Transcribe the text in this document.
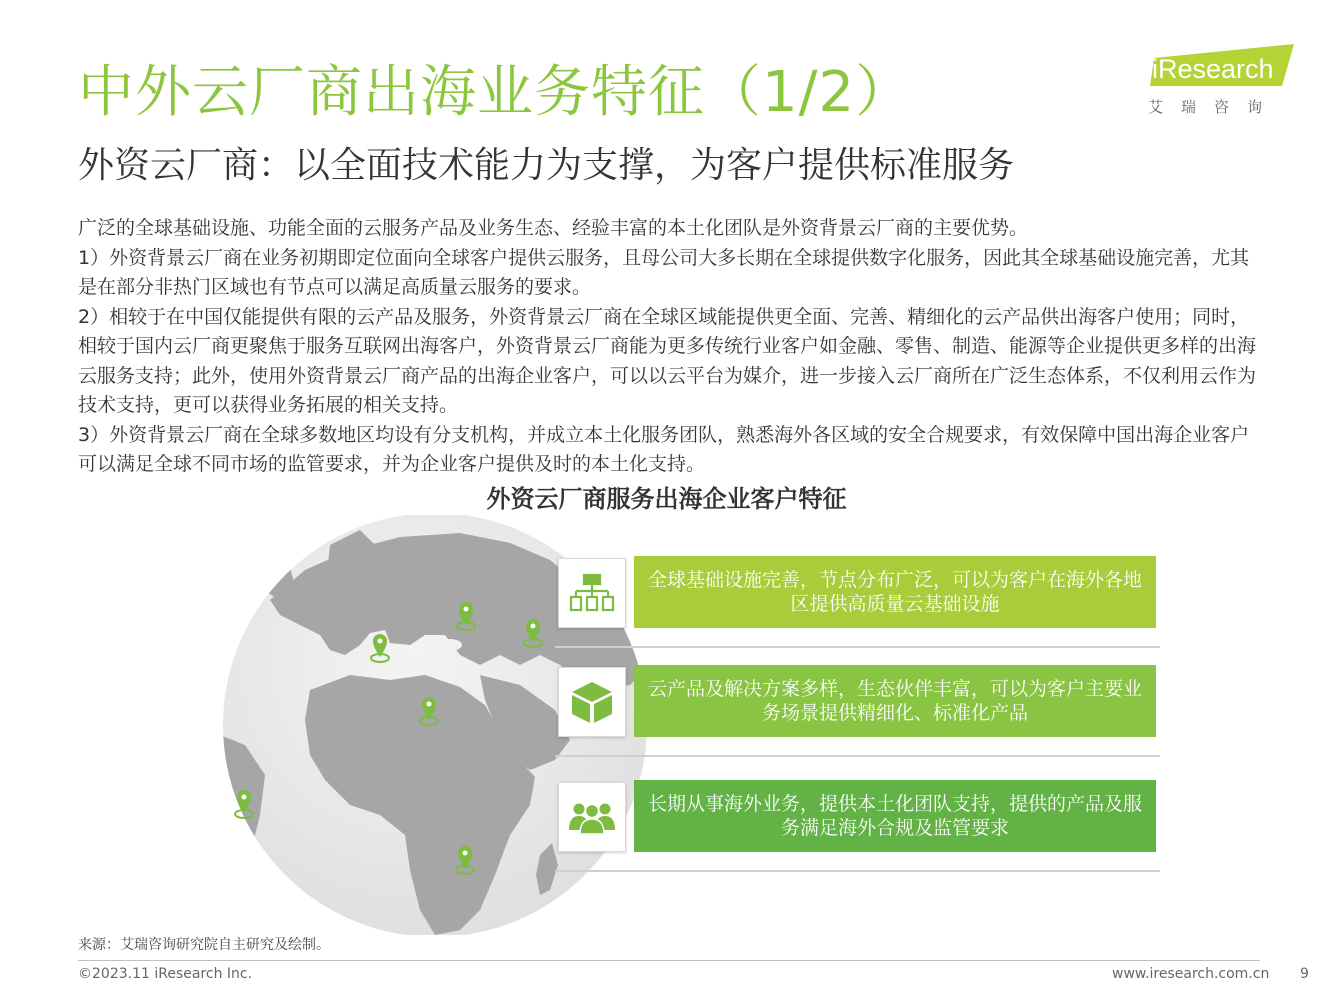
中外云厂商出海业务特征（1/2）
外资云厂商：以全面技术能力为支撑，为客户提供标准服务
iResearch
艾瑞咨询

广泛的全球基础设施、功能全面的云服务产品及业务生态、经验丰富的本土化团队是外资背景云厂商的主要优势。

1）外资背景云厂商在业务初期即定位面向全球客户提供云服务，且母公司大多长期在全球提供数字化服务，因此其全球基础设施完善，尤其是在部分非热门区域也有节点可以满足高质量云服务的要求。

2）相较于在中国仅能提供有限的云产品及服务，外资背景云厂商在全球区域能提供更全面、完善、精细化的云产品供出海客户使用；同时，相较于国内云厂商更聚焦于服务互联网出海客户，外资背景云厂商能为更多传统行业客户如金融、零售、制造、能源等企业提供更多样的出海云服务支持；此外，使用外资背景云厂商产品的出海企业客户，可以以云平台为媒介，进一步接入云厂商所在广泛生态体系，不仅利用云作为技术支持，更可以获得业务拓展的相关支持。

3）外资背景云厂商在全球多数地区均设有分支机构，并成立本土化服务团队，熟悉海外各区域的安全合规要求，有效保障中国出海企业客户可以满足全球不同市场的监管要求，并为企业客户提供及时的本土化支持。

外资云厂商服务出海企业客户特征
全球基础设施完善，节点分布广泛，可以为客户在海外各地区提供高质量云基础设施
云产品及解决方案多样，生态伙伴丰富，可以为客户主要业务场景提供精细化、标准化产品
长期从事海外业务，提供本土化团队支持，提供的产品及服务满足海外合规及监管要求
来源：艾瑞咨询研究院自主研究及绘制。
©2023.11 iResearch Inc.	www.iresearch.com.cn 9
